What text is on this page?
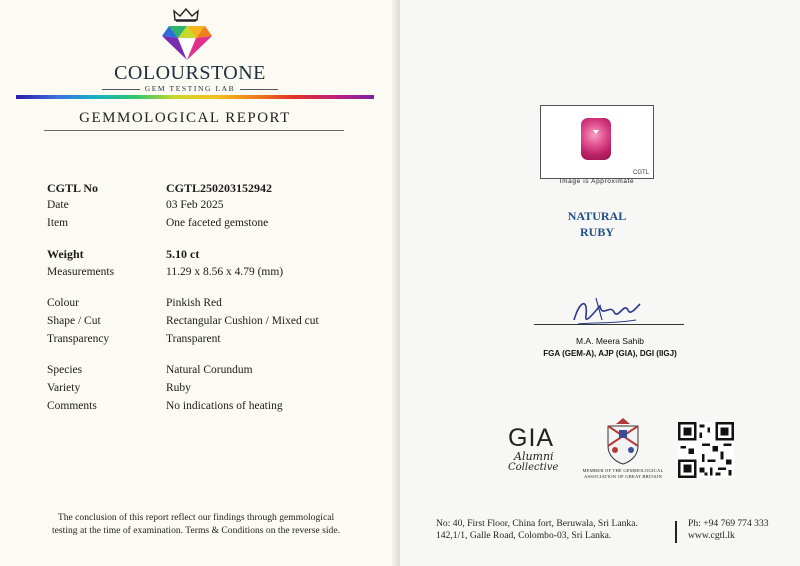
COLOURSTONE
GEM TESTING LAB
GEMMOLOGICAL REPORT
CGTL No	CGTL250203152942
Date	03 Feb 2025
Item	One faceted gemstone
Weight	5.10 ct
Measurements	11.29 x 8.56 x 4.79 (mm)
Colour	Pinkish Red
Shape / Cut	Rectangular Cushion / Mixed cut
Transparency	Transparent
Species	Natural Corundum
Variety	Ruby
Comments	No indications of heating
The conclusion of this report reflect our findings through gemmological
testing at the time of examination. Terms & Conditions on the reverse side.
CGTL
Image is Approximate
NATURAL
RUBY
M.A. Meera Sahib
FGA (GEM-A), AJP (GIA), DGI (IIGJ)
GIA
Alumni
Collective	MEMBER OF THE GEMMOLOGICAL ASSOCIATION OF GREAT BRITAIN
No: 40, First Floor, China fort, Beruwala, Sri Lanka.
142,1/1, Galle Road, Colombo-03, Sri Lanka.
Ph: +94 769 774 333
www.cgtl.lk
